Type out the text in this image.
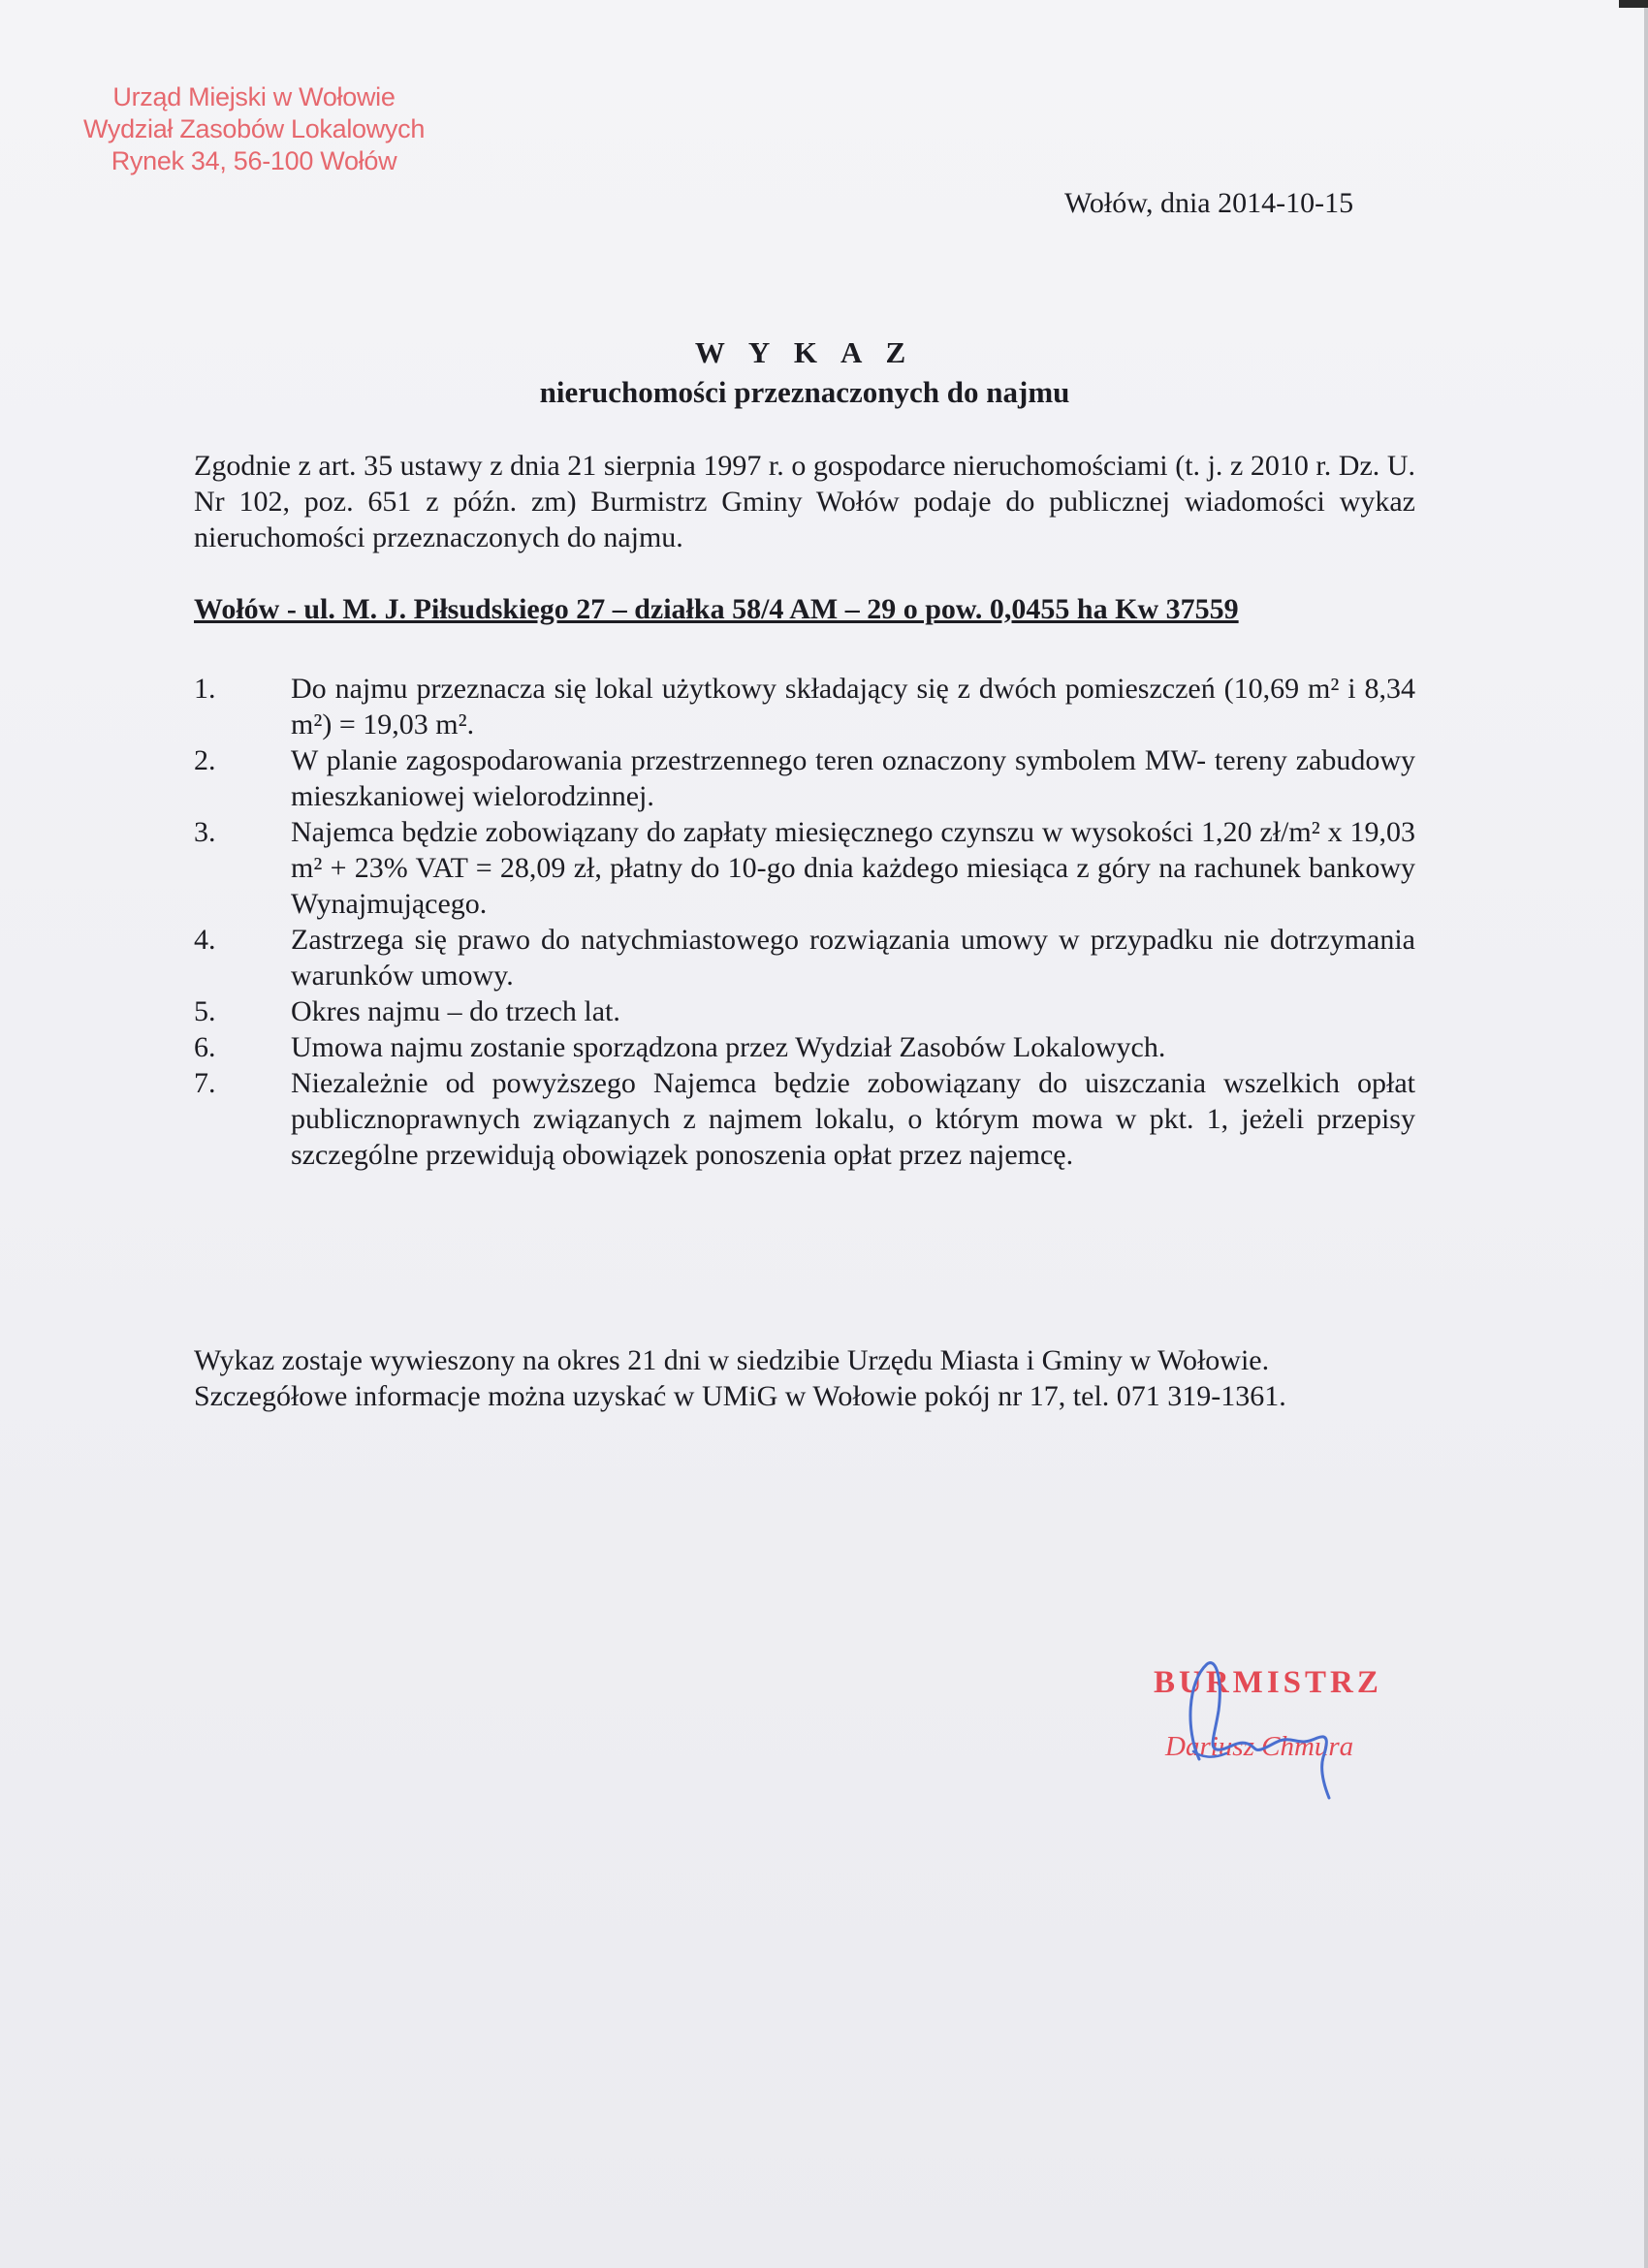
Urząd Miejski w Wołowie
Wydział Zasobów Lokalowych
Rynek 34, 56-100 Wołów
Wołów, dnia 2014-10-15
W Y K A Z
nieruchomości przeznaczonych do najmu
Zgodnie z art. 35 ustawy z dnia 21 sierpnia 1997 r. o gospodarce nieruchomościami (t. j. z 2010 r. Dz. U. Nr 102, poz. 651 z późn. zm) Burmistrz Gminy Wołów podaje do publicznej wiadomości wykaz nieruchomości przeznaczonych do najmu.
Wołów - ul. M. J. Piłsudskiego 27 – działka 58/4 AM – 29 o pow. 0,0455 ha Kw 37559
1.	Do najmu przeznacza się lokal użytkowy składający się z dwóch pomieszczeń (10,69 m² i 8,34 m²) = 19,03 m².
2.	W planie zagospodarowania przestrzennego teren oznaczony symbolem MW- tereny zabudowy mieszkaniowej wielorodzinnej.
3.	Najemca będzie zobowiązany do zapłaty miesięcznego czynszu w wysokości 1,20 zł/m² x 19,03 m² + 23% VAT = 28,09 zł, płatny do 10-go dnia każdego miesiąca z góry na rachunek bankowy Wynajmującego.
4.	Zastrzega się prawo do natychmiastowego rozwiązania umowy w przypadku nie dotrzymania warunków umowy.
5.	Okres najmu – do trzech lat.
6.	Umowa najmu zostanie sporządzona przez Wydział Zasobów Lokalowych.
7.	Niezależnie od powyższego Najemca będzie zobowiązany do uiszczania wszelkich opłat publicznoprawnych związanych z najmem lokalu, o którym mowa w pkt. 1, jeżeli przepisy szczególne przewidują obowiązek ponoszenia opłat przez najemcę.
Wykaz zostaje wywieszony na okres 21 dni w siedzibie Urzędu Miasta i Gminy w Wołowie.
Szczegółowe informacje można uzyskać w UMiG w Wołowie pokój nr 17, tel. 071 319-1361.
BURMISTRZ
Dariusz Chmura
